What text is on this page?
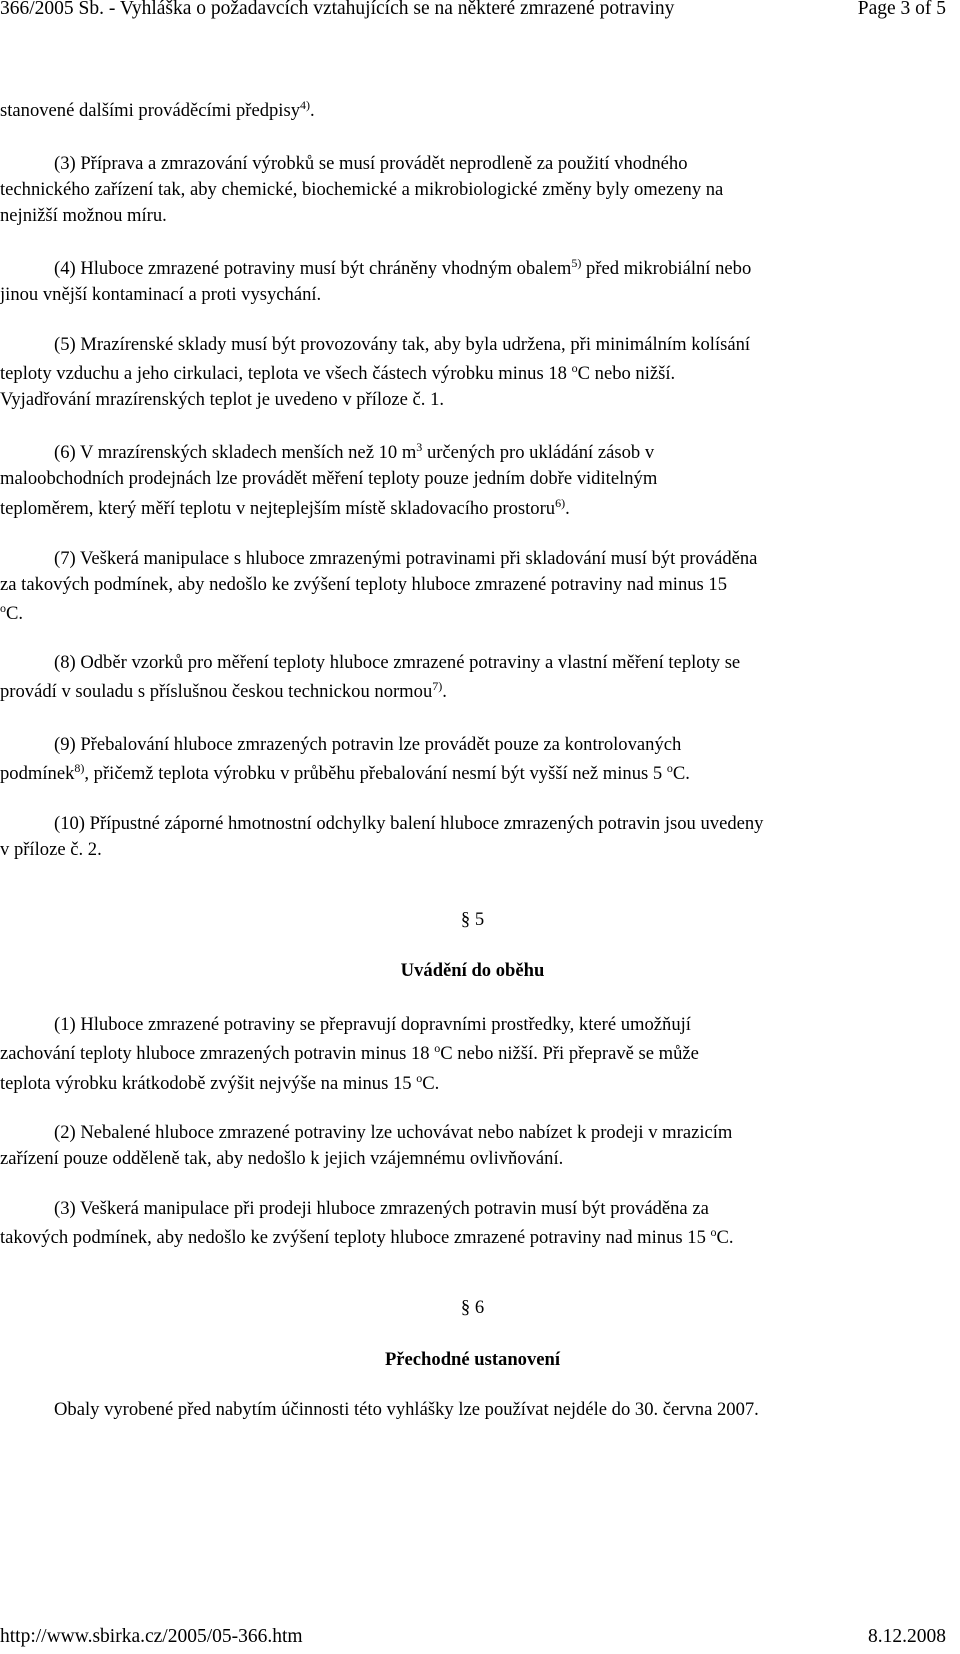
366/2005 Sb. - Vyhláška o požadavcích vztahujících se na některé zmrazené potraviny	Page 3 of 5
stanovené dalšími prováděcími předpisy$^{4)}$.
(3) Příprava a zmrazování výrobků se musí provádět neprodleně za použití vhodného
technického zařízení tak, aby chemické, biochemické a mikrobiologické změny byly omezeny na
nejnižší možnou míru.
(4) Hluboce zmrazené potraviny musí být chráněny vhodným obalem$^{5)}$ před mikrobiální nebo
jinou vnější kontaminací a proti vysychání.
(5) Mrazírenské sklady musí být provozovány tak, aby byla udržena, při minimálním kolísání
teploty vzduchu a jeho cirkulaci, teplota ve všech částech výrobku minus 18 $^o$C nebo nižší.
Vyjadřování mrazírenských teplot je uvedeno v příloze č. 1.
(6) V mrazírenských skladech menších než 10 $m^3$ určených pro ukládání zásob v
maloobchodních prodejnách lze provádět měření teploty pouze jedním dobře viditelným
teploměrem, který měří teplotu v nejteplejším místě skladovacího prostoru$^{6)}$.
(7) Veškerá manipulace s hluboce zmrazenými potravinami při skladování musí být prováděna
za takových podmínek, aby nedošlo ke zvýšení teploty hluboce zmrazené potraviny nad minus 15
$^o$C.
(8) Odběr vzorků pro měření teploty hluboce zmrazené potraviny a vlastní měření teploty se
provádí v souladu s příslušnou českou technickou normou$^{7)}$.
(9) Přebalování hluboce zmrazených potravin lze provádět pouze za kontrolovaných
podmínek$^{8)}$, přičemž teplota výrobku v průběhu přebalování nesmí být vyšší než minus 5 $^o$C.
(10) Přípustné záporné hmotnostní odchylky balení hluboce zmrazených potravin jsou uvedeny
v příloze č. 2.
§ 5
Uvádění do oběhu
(1) Hluboce zmrazené potraviny se přepravují dopravními prostředky, které umožňují
zachování teploty hluboce zmrazených potravin minus 18 $^o$C nebo nižší. Při přepravě se může
teplota výrobku krátkodobě zvýšit nejvýše na minus 15 $^o$C.
(2) Nebalené hluboce zmrazené potraviny lze uchovávat nebo nabízet k prodeji v mrazicím
zařízení pouze odděleně tak, aby nedošlo k jejich vzájemnému ovlivňování.
(3) Veškerá manipulace při prodeji hluboce zmrazených potravin musí být prováděna za
takových podmínek, aby nedošlo ke zvýšení teploty hluboce zmrazené potraviny nad minus 15 $^o$C.
§ 6
Přechodné ustanovení
Obaly vyrobené před nabytím účinnosti této vyhlášky lze používat nejdéle do 30. června 2007.
http://www.sbirka.cz/2005/05-366.htm	8.12.2008
